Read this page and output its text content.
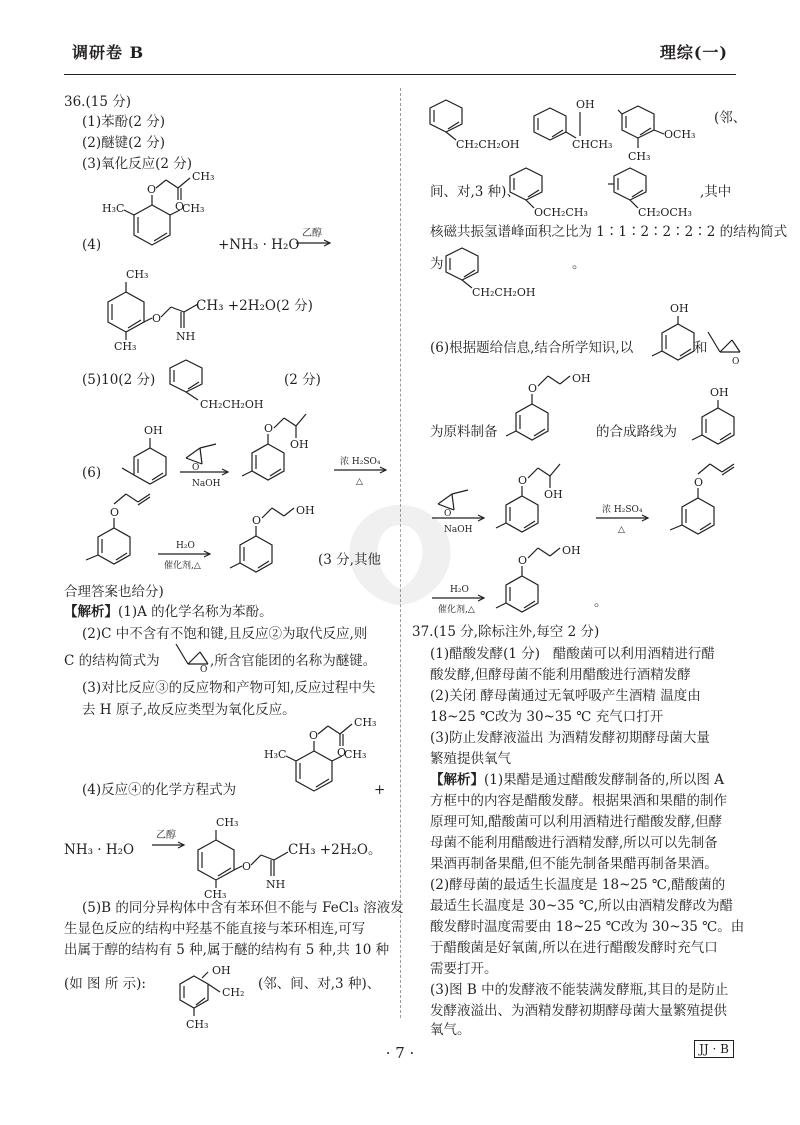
调研卷 B	理综(一)
36.(15 分)
(1)苯酚(2 分)
(2)醚键(2 分)
(3)氧化反应(2 分)
(4)
O
O
CH₃
H₃C	CH₃
+NH₃ · H₂O
乙醇
CH₃
CH₃
O
NH
CH₃ +2H₂O(2 分)
(5)10(2 分)
CH₂CH₂OH
(2 分)
(6)
OH
O
NaOH
O
OH
浓 H₂SO₄
△
O
H₂O
催化剂,△
O
OH
(3 分,其他
合理答案也给分)
【解析】(1)A 的化学名称为苯酚。
(2)C 中不含有不饱和键,且反应②为取代反应,则
C 的结构简式为
O
,所含官能团的名称为醚键。
(3)对比反应③的反应物和产物可知,反应过程中失
去 H 原子,故反应类型为氧化反应。
(4)反应④的化学方程式为
O
O
CH₃
H₃C	CH₃
+
NH₃ · H₂O
乙醇
CH₃
CH₃
O
NH
CH₃ +2H₂O。
(5)B 的同分异构体中含有苯环但不能与 FeCl₃ 溶液发
生显色反应的结构中羟基不能直接与苯环相连,可写
出属于醇的结构有 5 种,属于醚的结构有 5 种,共 10 种
(如 图 所 示):
OH
CH₂
CH₃
(邻、间、对,3 种)、
CH₂CH₂OH
OH
CHCH₃
OCH₃
CH₃
(邻、
间、对,3 种)、
OCH₂CH₃	CH₂OCH₃
,其中
核磁共振氢谱峰面积之比为 1∶1∶2∶2∶2∶2 的结构简式
为
CH₂CH₂OH
。
(6)根据题给信息,结合所学知识,以
OH
和
O
为原料制备
O
OH
的合成路线为
OH
O
NaOH
O
OH
浓 H₂SO₄
△
O
H₂O
催化剂,△
O
OH
。
37.(15 分,除标注外,每空 2 分)
(1)醋酸发酵(1 分) 醋酸菌可以利用酒精进行醋
酸发酵,但酵母菌不能利用醋酸进行酒精发酵
(2)关闭 酵母菌通过无氧呼吸产生酒精 温度由
18~25 ℃改为 30~35 ℃ 充气口打开
(3)防止发酵液溢出 为酒精发酵初期酵母菌大量
繁殖提供氧气
【解析】(1)果醋是通过醋酸发酵制备的,所以图 A
方框中的内容是醋酸发酵。根据果酒和果醋的制作
原理可知,醋酸菌可以利用酒精进行醋酸发酵,但酵
母菌不能利用醋酸进行酒精发酵,所以可以先制备
果酒再制备果醋,但不能先制备果醋再制备果酒。
(2)酵母菌的最适生长温度是 18~25 ℃,醋酸菌的
最适生长温度是 30~35 ℃,所以由酒精发酵改为醋
酸发酵时温度需要由 18~25 ℃改为 30~35 ℃。由
于醋酸菌是好氧菌,所以在进行醋酸发酵时充气口
需要打开。
(3)图 B 中的发酵液不能装满发酵瓶,其目的是防止
发酵液溢出、为酒精发酵初期酵母菌大量繁殖提供
· 7 ·	JJ · B
氧气。
